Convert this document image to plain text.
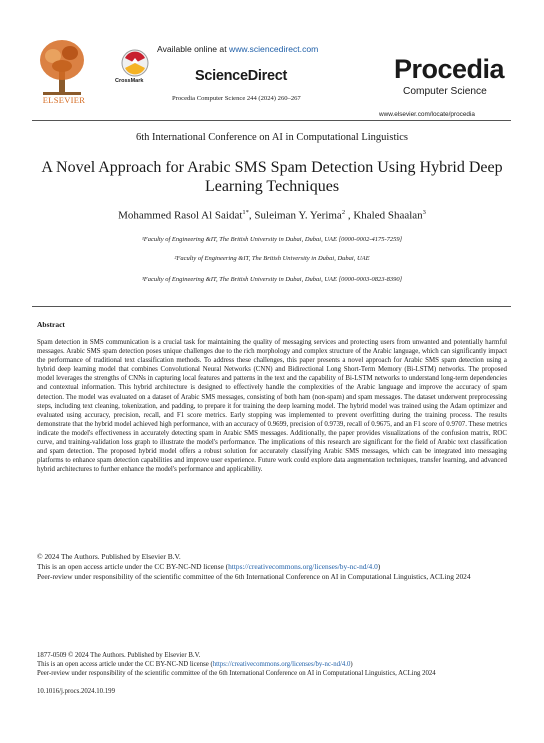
ELSEVIER
Available online at www.sciencedirect.com
CrossMark	ScienceDirect
Procedia Computer Science 244 (2024) 260–267
Procedia
Computer Science
www.elsevier.com/locate/procedia
6th International Conference on AI in Computational Linguistics
A Novel Approach for Arabic SMS Spam Detection Using Hybrid Deep Learning Techniques
Mohammed Rasol Al Saidat$^{1*}$, Suleiman Y. Yerima$^2$ , Khaled Shaalan$^3$
¹Faculty of Engineering &IT, The British University in Dubai, Dubai, UAE [0000-0002-4175-7259]
²Faculty of Engineering &IT, The British University in Dubai, Dubai, UAE
³Faculty of Engineering &IT, The British University in Dubai, Dubai, UAE [0000-0003-0823-8390]
Abstract
Spam detection in SMS communication is a crucial task for maintaining the quality of messaging services and protecting users from unwanted and potentially harmful messages. Arabic SMS spam detection poses unique challenges due to the rich morphology and complex structure of the Arabic language, which can significantly impact the performance of traditional text classification methods. To address these challenges, this paper presents a novel approach for Arabic SMS spam detection using a hybrid deep learning model that combines Convolutional Neural Networks (CNN) and Bidirectional Long Short-Term Memory (Bi-LSTM) networks. The proposed model leverages the strengths of CNNs in capturing local features and patterns in the text and the capability of Bi-LSTM networks to understand long-term dependencies and contextual information. This hybrid architecture is designed to effectively handle the complexities of the Arabic language and improve the accuracy of spam detection. The model was evaluated on a dataset of Arabic SMS messages, consisting of both ham (non-spam) and spam messages. The dataset underwent preprocessing steps, including text cleaning, tokenization, and padding, to prepare it for training the deep learning model. The hybrid model was trained using the Adam optimizer and evaluated using accuracy, precision, recall, and F1 score metrics. Early stopping was implemented to prevent overfitting during the training process. The results demonstrate that the hybrid model achieved high performance, with an accuracy of 0.9699, precision of 0.9739, recall of 0.9675, and an F1 score of 0.9707. These metrics indicate the model's effectiveness in accurately detecting spam in Arabic SMS messages. Additionally, the paper provides visualizations of the confusion matrix, ROC curve, and training-validation loss graph to illustrate the model's performance. The implications of this research are significant for the field of Arabic text classification and spam detection. The proposed hybrid model offers a robust solution for accurately classifying Arabic SMS messages, which can be integrated into messaging platforms to enhance spam detection capabilities and improve user experience. Future work could explore data augmentation techniques, transfer learning, and advanced hybrid architectures to further enhance the model's performance and applicability.
© 2024 The Authors. Published by Elsevier B.V.
This is an open access article under the CC BY-NC-ND license (https://creativecommons.org/licenses/by-nc-nd/4.0)
Peer-review under responsibility of the scientific committee of the 6th International Conference on AI in Computational Linguistics, ACLing 2024
1877-0509 © 2024 The Authors. Published by Elsevier B.V.
This is an open access article under the CC BY-NC-ND license (https://creativecommons.org/licenses/by-nc-nd/4.0)
Peer-review under responsibility of the scientific committee of the 6th International Conference on AI in Computational Linguistics, ACLing 2024
10.1016/j.procs.2024.10.199
